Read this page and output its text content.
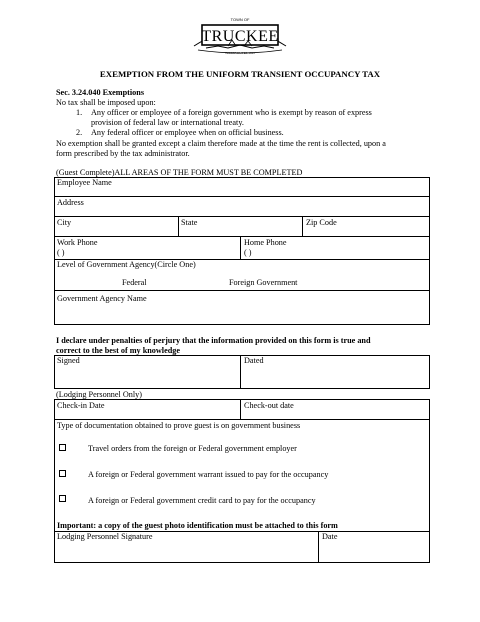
TOWN OF
TRUCKEE
INCORPORATED 1993
EXEMPTION FROM THE UNIFORM TRANSIENT OCCUPANCY TAX
Sec. 3.24.040 Exemptions
No tax shall be imposed upon:
1. Any officer or employee of a foreign government who is exempt by reason of express
provision of federal law or international treaty.
2. Any federal officer or employee when on official business.
No exemption shall be granted except a claim therefore made at the time the rent is collected, upon a
form prescribed by the tax administrator.
(Guest Complete)ALL AREAS OF THE FORM MUST BE COMPLETED
Employee Name
Address
City	State	Zip Code
Work Phone
( )
Home Phone
( )
Level of Government Agency(Circle One)
Federal	Foreign Government
Government Agency Name
I declare under penalties of perjury that the information provided on this form is true and
correct to the best of my knowledge
Signed	Dated
(Lodging Personnel Only)
Check-in Date	Check-out date
Type of documentation obtained to prove guest is on government business
Travel orders from the foreign or Federal government employer
A foreign or Federal government warrant issued to pay for the occupancy
A foreign or Federal government credit card to pay for the occupancy
Important: a copy of the guest photo identification must be attached to this form
Lodging Personnel Signature	Date
